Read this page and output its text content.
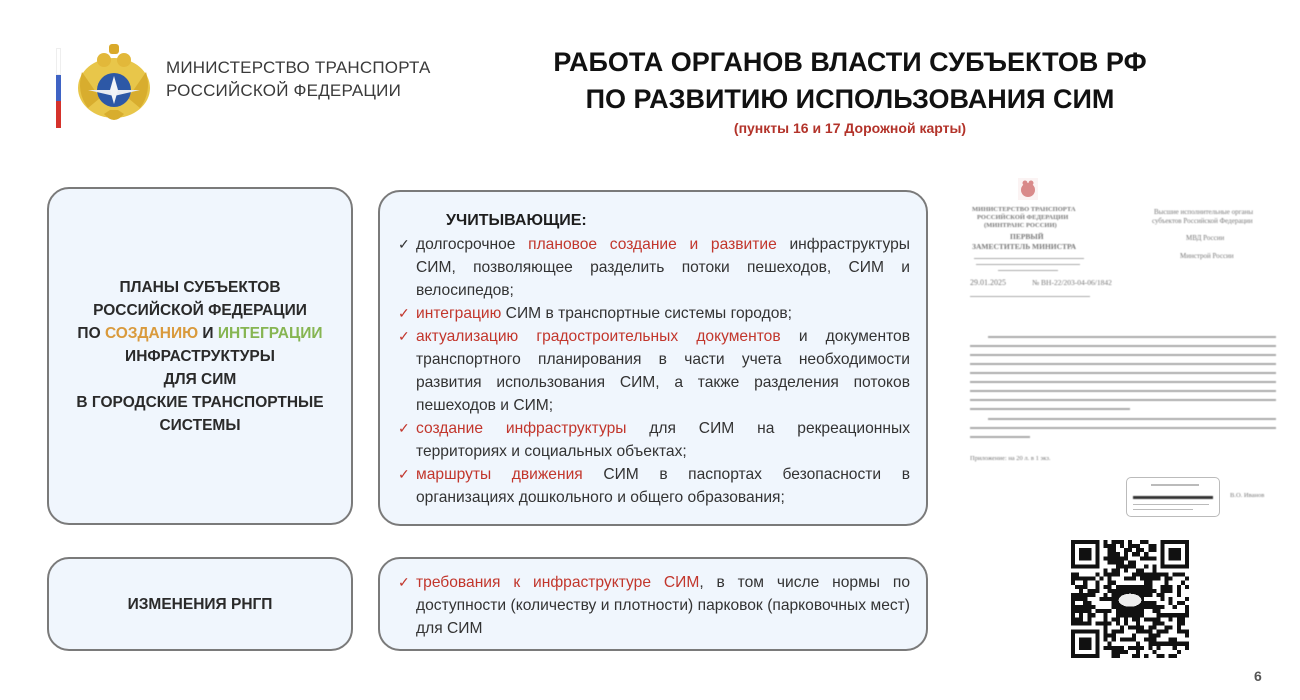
МИНИСТЕРСТВО ТРАНСПОРТА
РОССИЙСКОЙ ФЕДЕРАЦИИ
РАБОТА ОРГАНОВ ВЛАСТИ СУБЪЕКТОВ РФ
ПО РАЗВИТИЮ ИСПОЛЬЗОВАНИЯ СИМ
(пункты 16 и 17 Дорожной карты)
ПЛАНЫ СУБЪЕКТОВ
РОССИЙСКОЙ ФЕДЕРАЦИИ
ПО СОЗДАНИЮ И ИНТЕГРАЦИИ
ИНФРАСТРУКТУРЫ
ДЛЯ СИМ
В ГОРОДСКИЕ ТРАНСПОРТНЫЕ
СИСТЕМЫ
ИЗМЕНЕНИЯ РНГП
УЧИТЫВАЮЩИЕ:
✓ долгосрочное плановое создание и развитие инфраструктуры СИМ, позволяющее разделить потоки пешеходов, СИМ и велосипедов;
✓ интеграцию СИМ в транспортные системы городов;
✓ актуализацию градостроительных документов и документов транспортного планирования в части учета необходимости развития использования СИМ, а также разделения потоков пешеходов и СИМ;
✓ создание инфраструктуры для СИМ на рекреационных территориях и социальных объектах;
✓ маршруты движения СИМ в паспортах безопасности в организациях дошкольного и общего образования;
✓ требования к инфраструктуре СИМ, в том числе нормы по доступности (количеству и плотности) парковок (парковочных мест) для СИМ
МИНИСТЕРСТВО ТРАНСПОРТА
РОССИЙСКОЙ ФЕДЕРАЦИИ
(МИНТРАНС РОССИИ)
ПЕРВЫЙ
ЗАМЕСТИТЕЛЬ МИНИСТРА
29.01.2025	№ ВН-22/203-04-06/1842
Высшие исполнительные органы
субъектов Российской Федерации
МВД России
Минстрой России
Приложение: на 20 л. в 1 экз.
В.О. Иванов
6
